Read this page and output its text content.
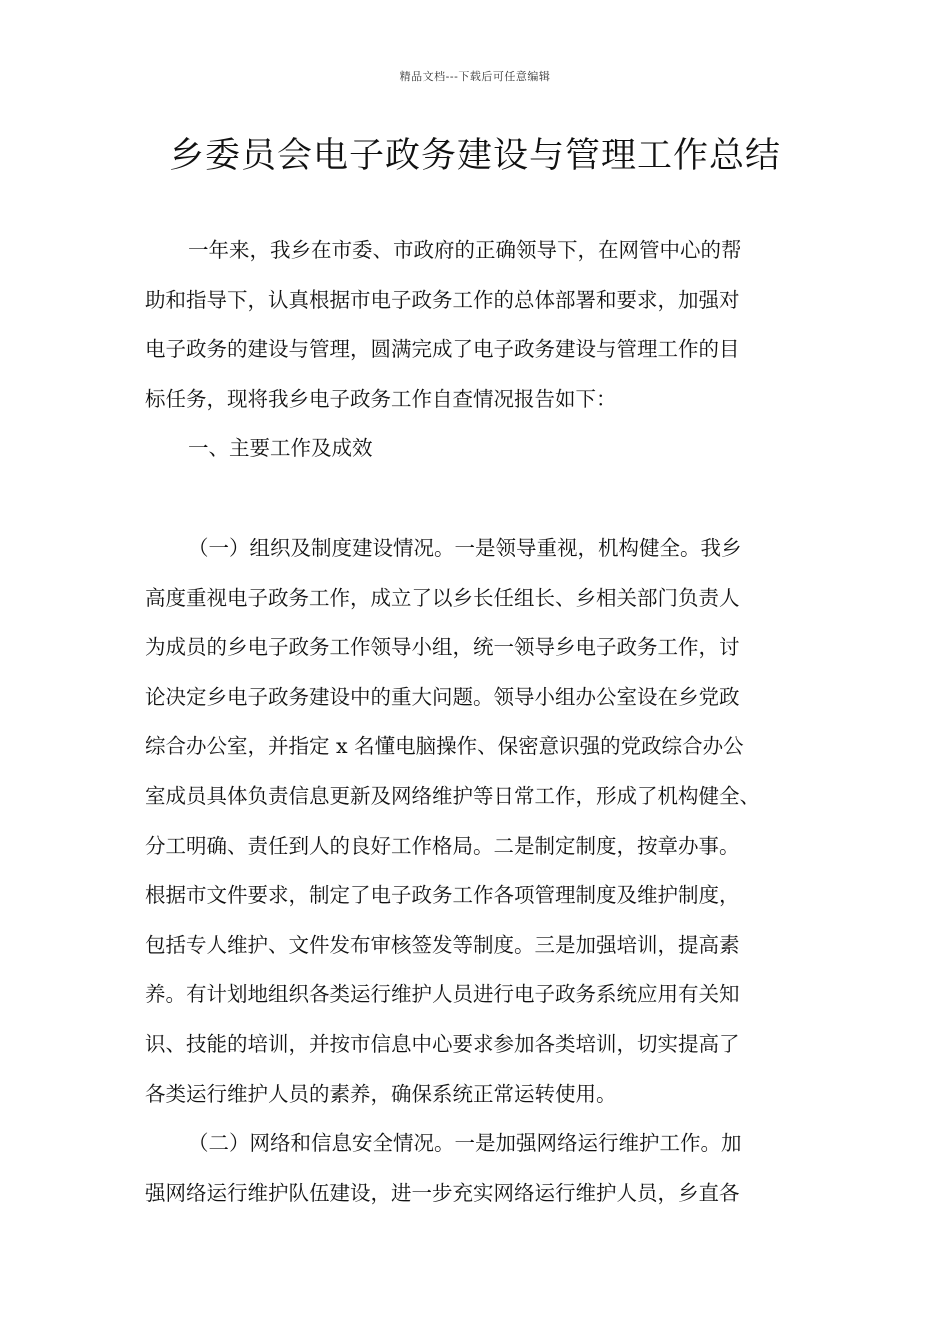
精品文档---下载后可任意编辑
乡委员会电子政务建设与管理工作总结
一年来，我乡在市委、市政府的正确领导下，在网管中心的帮
助和指导下，认真根据市电子政务工作的总体部署和要求，加强对
电子政务的建设与管理，圆满完成了电子政务建设与管理工作的目
标任务，现将我乡电子政务工作自查情况报告如下：
一、主要工作及成效
（一）组织及制度建设情况。一是领导重视，机构健全。我乡
高度重视电子政务工作，成立了以乡长任组长、乡相关部门负责人
为成员的乡电子政务工作领导小组，统一领导乡电子政务工作，讨
论决定乡电子政务建设中的重大问题。领导小组办公室设在乡党政
综合办公室，并指定 x 名懂电脑操作、保密意识强的党政综合办公
室成员具体负责信息更新及网络维护等日常工作，形成了机构健全、
分工明确、责任到人的良好工作格局。二是制定制度，按章办事。
根据市文件要求，制定了电子政务工作各项管理制度及维护制度，
包括专人维护、文件发布审核签发等制度。三是加强培训，提高素
养。有计划地组织各类运行维护人员进行电子政务系统应用有关知
识、技能的培训，并按市信息中心要求参加各类培训，切实提高了
各类运行维护人员的素养，确保系统正常运转使用。
（二）网络和信息安全情况。一是加强网络运行维护工作。加
强网络运行维护队伍建设，进一步充实网络运行维护人员，乡直各
